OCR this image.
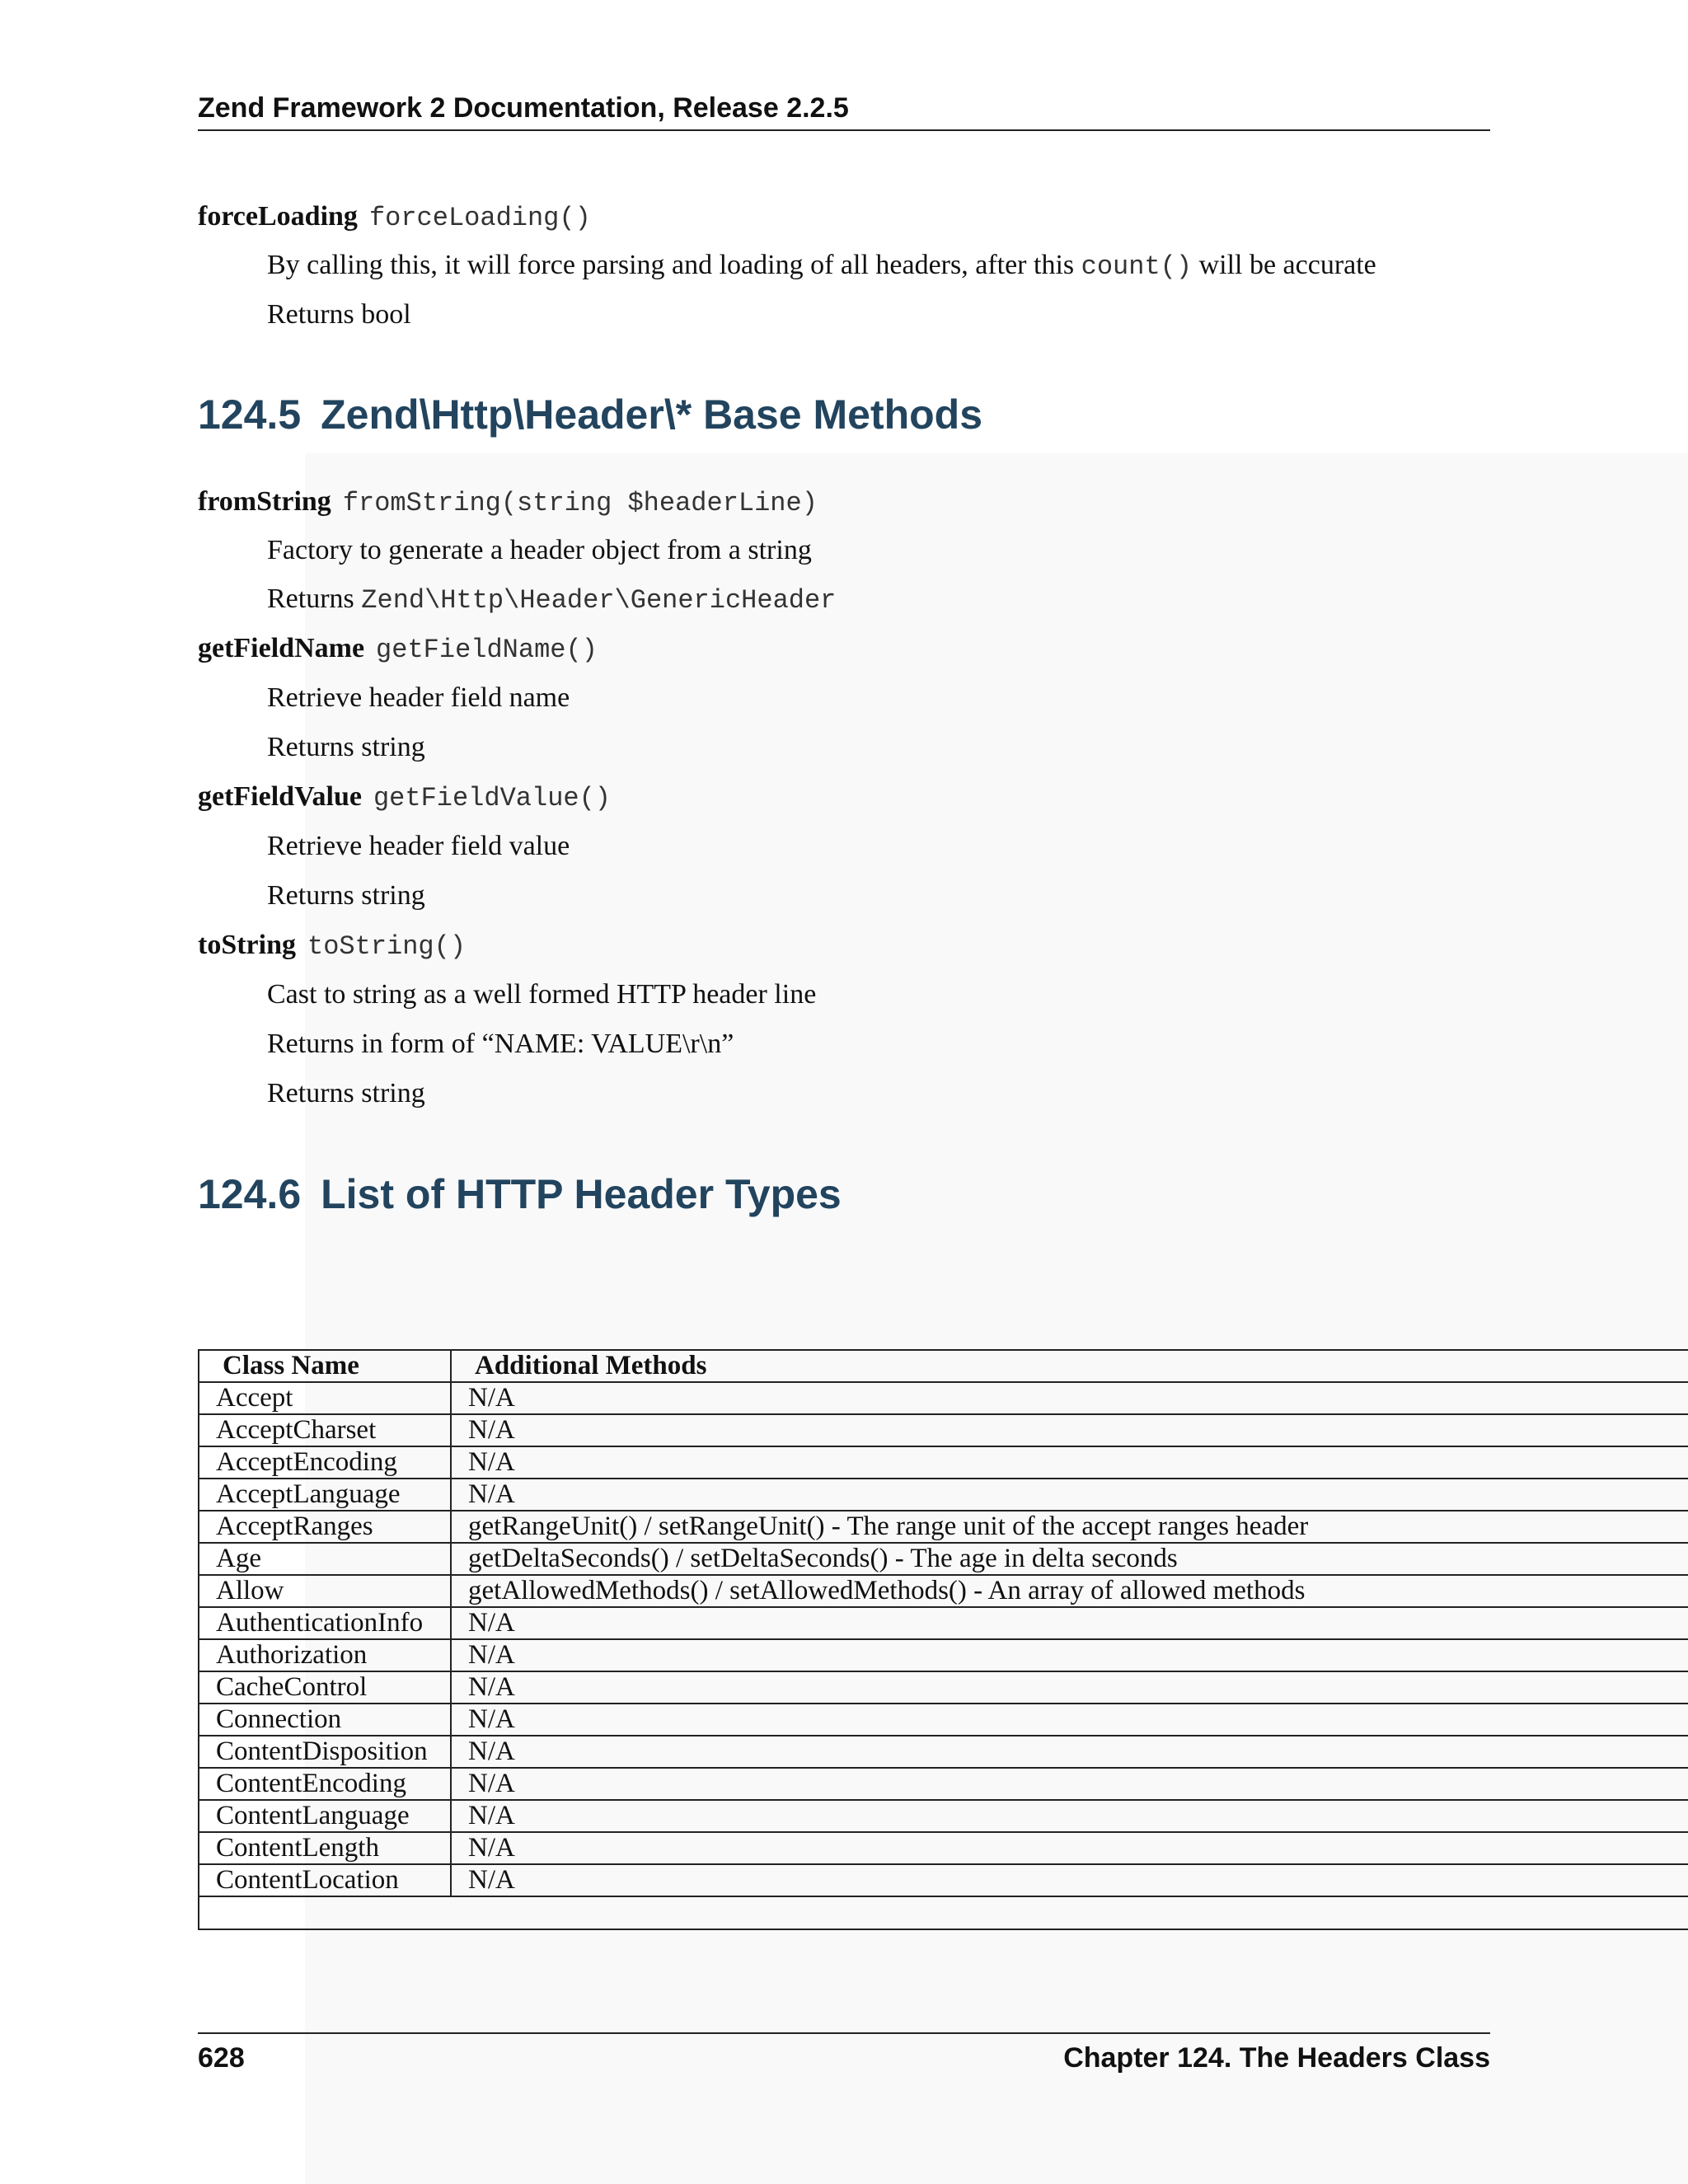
Zend Framework 2 Documentation, Release 2.2.5
forceLoading forceLoading()
By calling this, it will force parsing and loading of all headers, after this count() will be accurate
Returns bool
124.5 Zend\Http\Header\* Base Methods
fromString fromString(string $headerLine)
Factory to generate a header object from a string
Returns Zend\Http\Header\GenericHeader
getFieldName getFieldName()
Retrieve header field name
Returns string
getFieldValue getFieldValue()
Retrieve header field value
Returns string
toString toString()
Cast to string as a well formed HTTP header line
Returns in form of “NAME: VALUE\r\n”
Returns string
124.6 List of HTTP Header Types
Class Name	Additional Methods
Accept	N/A
AcceptCharset	N/A
AcceptEncoding	N/A
AcceptLanguage	N/A
AcceptRanges	getRangeUnit() / setRangeUnit() - The range unit of the accept ranges header
Age	getDeltaSeconds() / setDeltaSeconds() - The age in delta seconds
Allow	getAllowedMethods() / setAllowedMethods() - An array of allowed methods
AuthenticationInfo	N/A
Authorization	N/A
CacheControl	N/A
Connection	N/A
ContentDisposition	N/A
ContentEncoding	N/A
ContentLanguage	N/A
ContentLength	N/A
ContentLocation	N/A

628	Chapter 124. The Headers Class
